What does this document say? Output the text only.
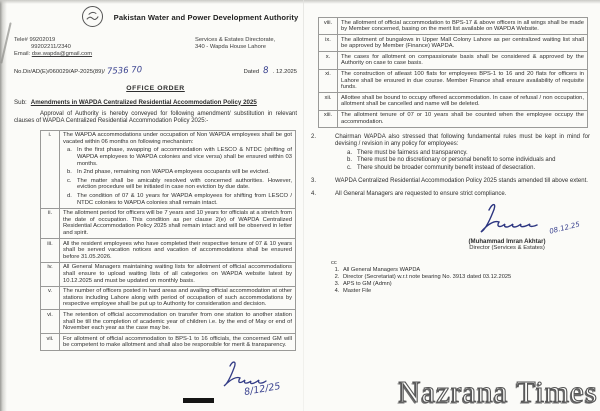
Pakistan Water and Power Development Authority
Tele# 99202019
99202211/2340
Email: dse.wapda@gmail.com
Services & Estates Directorate,
340 - Wapda House Lahore
No.Dir/AD(E)/060029/AP-2025(89)/ 7536 70	Dated 8 . 12.2025
OFFICE ORDER
Sub: Amendments in WAPDA Centralized Residential Accommodation Policy 2025
Approval of Authority is hereby conveyed for following amendment/ substitution in relevant clauses of WAPDA Centralized Residential Accommodation Policy 2025:-
i.	The WAPDA accommodations under occupation of Non WAPDA employees shall be got vacated within 06 months on following mechanism:
a. In the first phase, swapping of accommodation with LESCO & NTDC (shifting of WAPDA employees to WAPDA colonies and vice versa) shall be ensured within 03 months.
b. In 2nd phase, remaining non WAPDA employees occupants will be evicted.
c. The matter shall be amicably resolved with concerned authorities. However, eviction procedure will be initiated in case non eviction by due date.
d. The condition of 07 & 10 years for WAPDA employees for shifting from LESCO / NTDC colonies to WAPDA colonies shall remain intact.

ii.	The allotment period for officers will be 7 years and 10 years for officials at a stretch from the date of occupation. This condition as per clause 2(e) of WAPDA Centralized Residential Accommodation Policy 2025 shall remain intact and will be observed in letter and spirit.
iii.	All the resident employees who have completed their respective tenure of 07 & 10 years shall be served vacation notices and vacation of accommodations shall be ensured before 31.05.2026.
iv.	All General Managers maintaining waiting lists for allotment of official accommodations shall ensure to upload waiting lists of all categories on WAPDA website latest by 10.12.2025 and must be updated on monthly basis.
v.	The number of officers posted in hard areas and availing official accommodation at other stations including Lahore along with period of occupation of such accommodations by respective employee shall be put up to Authority for consideration and decision.
vi.	The retention of official accommodation on transfer from one station to another station shall be till the completion of academic year of children i.e. by the end of May or end of November each year as the case may be.
vii.	For allotment of official accommodation to BPS-1 to 16 officials, the concerned GM will be competent to make allotment and shall also be responsible for merit & transparency.
8/12/25
viii.	The allotment of official accommodation to BPS-17 & above officers in all wings shall be made by Member concerned, basing on the merit list available on WAPDA Website.
ix.	The allotment of bungalows in Upper Mall Colony Lahore as per centralized waiting list shall be approved by Member (Finance) WAPDA.
x.	The cases for allotment on compassionate basis shall be considered & approved by the Authority on case to case basis.
xi.	The construction of atleast 100 flats for employees BPS-1 to 16 and 20 flats for officers in Lahore shall be ensured in due course. Member Finance shall ensure availability of requisite funds.
xii.	Allottee shall be bound to occupy offered accommodation. In case of refusal / non occupation, allotment shall be cancelled and name will be deleted.
xiii.	The allotment tenure of 07 or 10 years shall be counted when the employee occupy the accommodation.
2.	Chairman WAPDA also stressed that following fundamental rules must be kept in mind for devising / revision in any policy for employees:
a. There must be fairness and transparency.
b. There must be no discretionary or personal benefit to some individuals and
c. There should be broader community benefit instead of desecration.
3.	WAPDA Centralized Residential Accommodation Policy 2025 stands amended till above extent.
4.	All General Managers are requested to ensure strict compliance.
08.12.25
(Muhammad Imran Akhtar)
Director (Services & Estates)
cc
1. All General Managers WAPDA
2. Director (Secretariat) w.r.t note bearing No. 3913 dated 03.12.2025
3. APS to GM (Admn)
4. Master File
Nazrana Times
